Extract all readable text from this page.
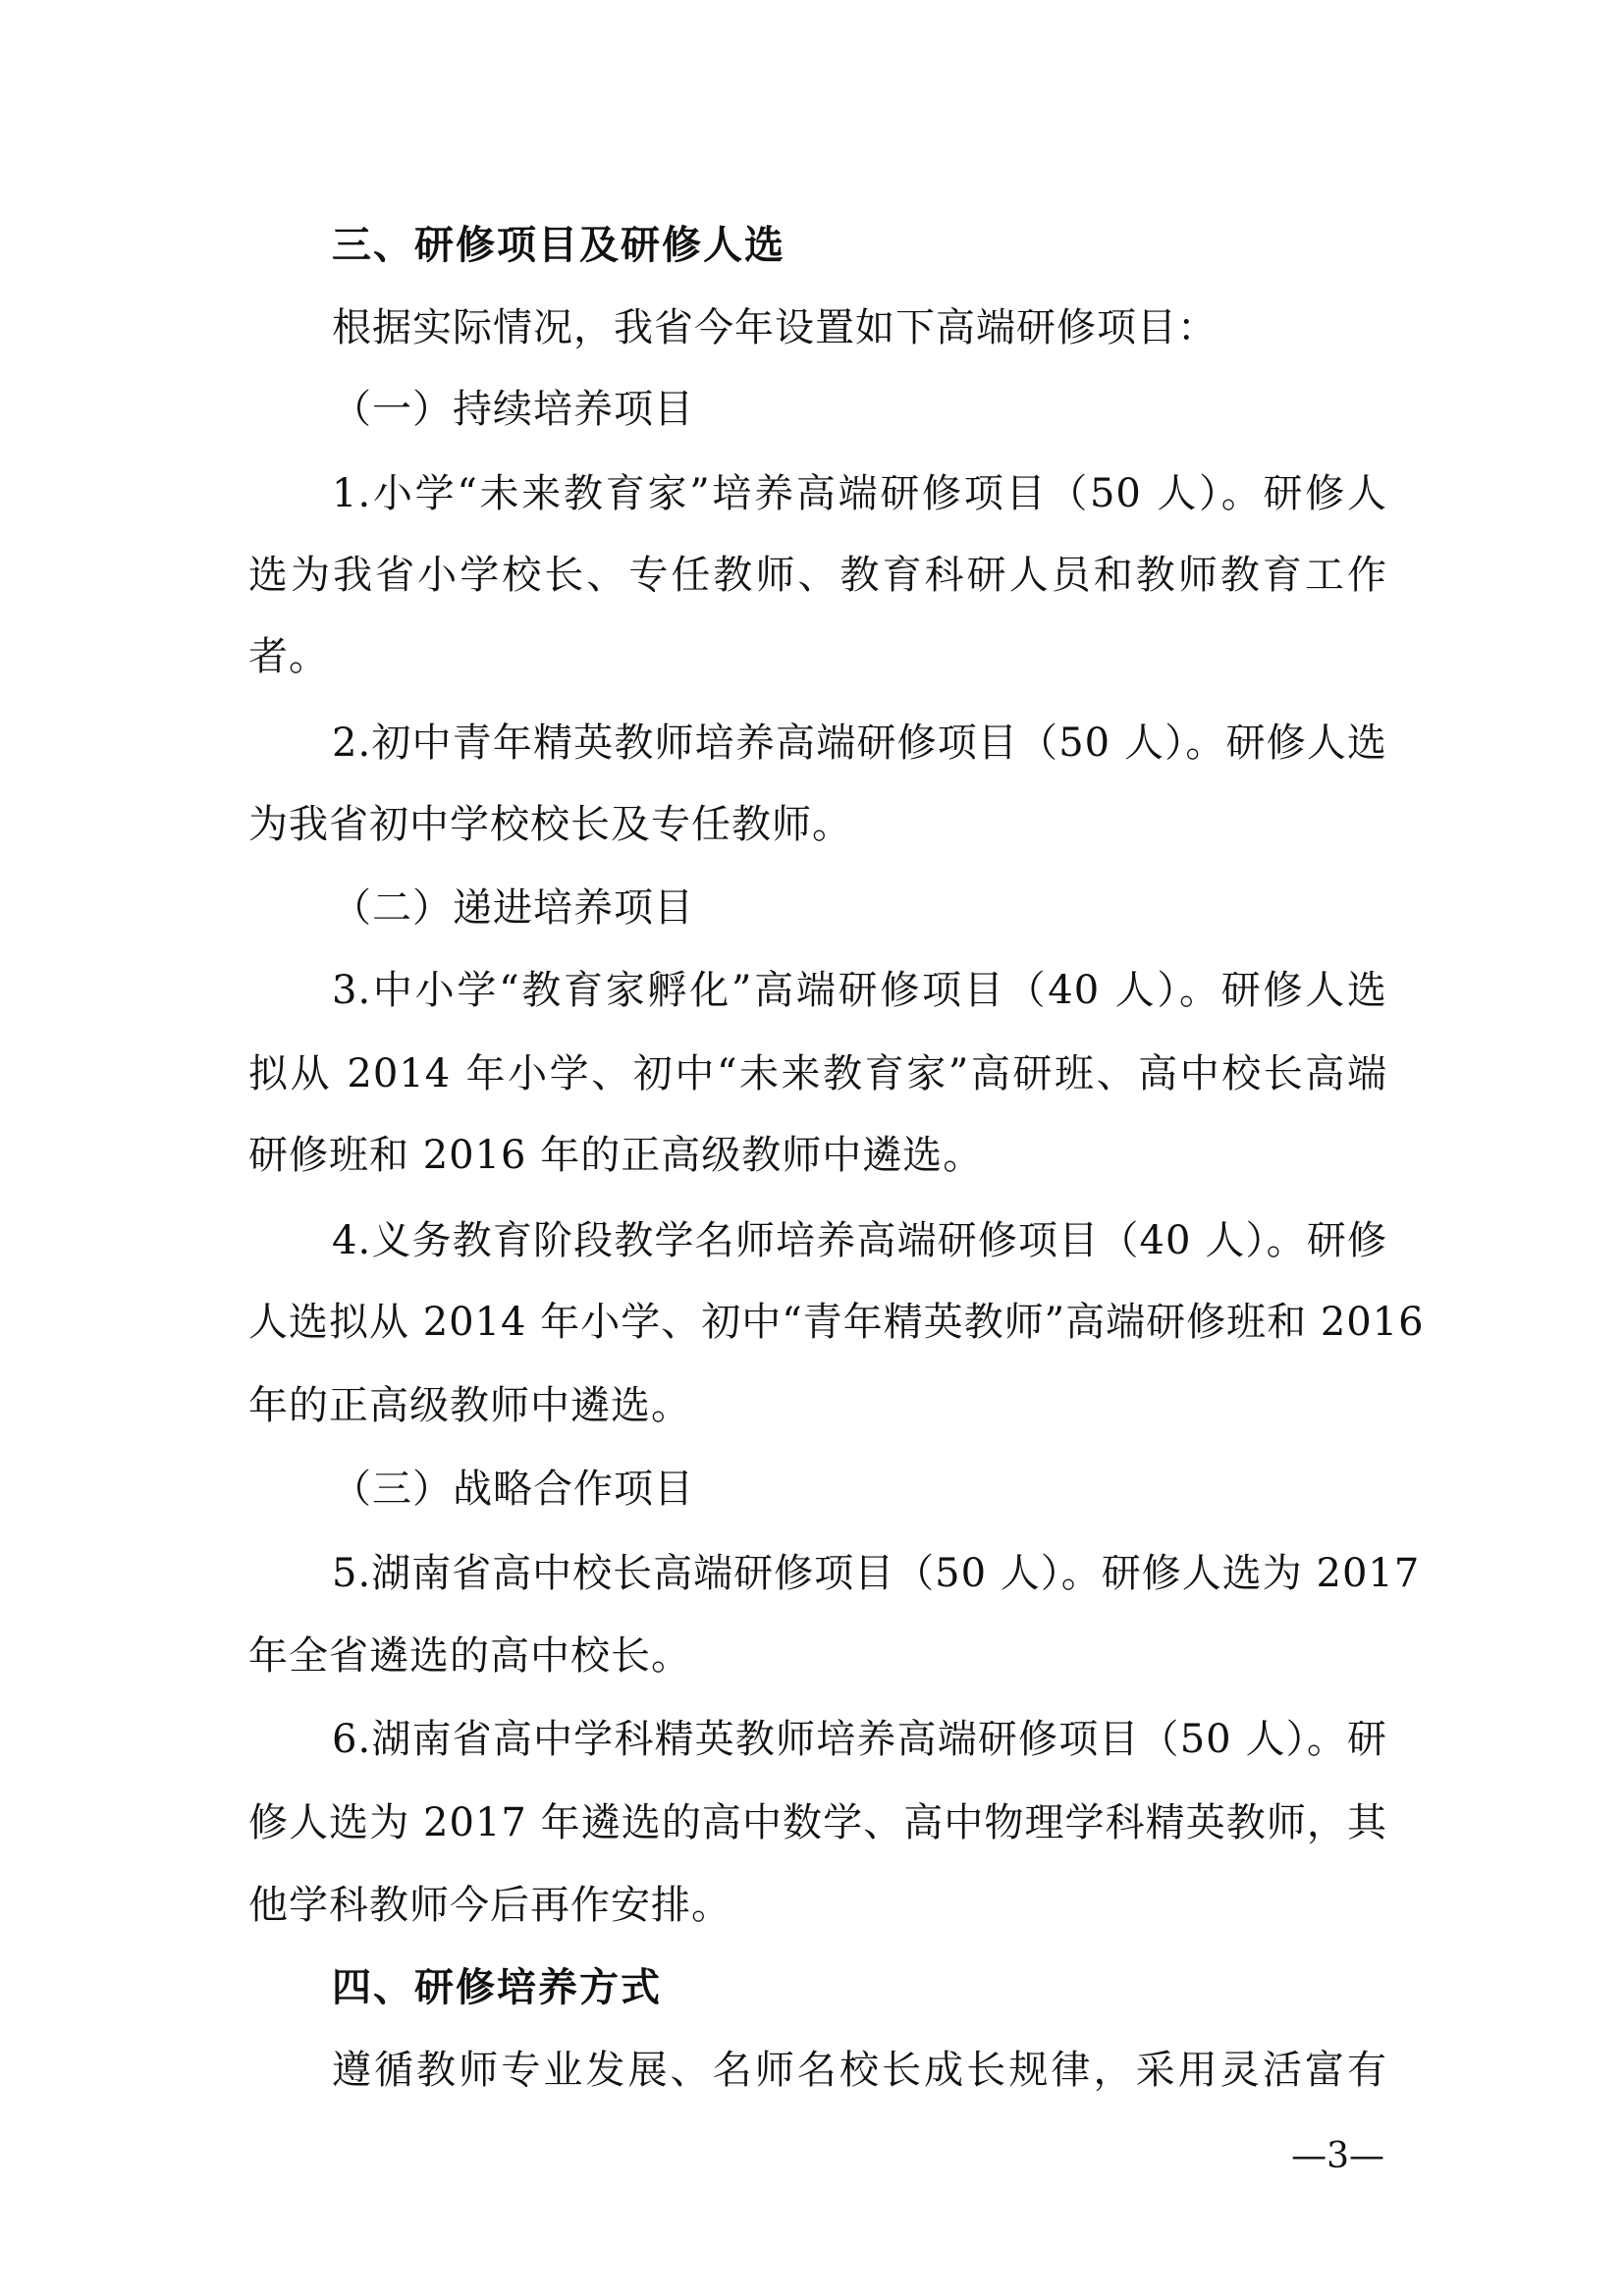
三、研修项目及研修人选
根据实际情况，我省今年设置如下高端研修项目：
（一）持续培养项目
1.小学“未来教育家”培养高端研修项目（50 人）。研修人
选为我省小学校长、专任教师、教育科研人员和教师教育工作
者。
2.初中青年精英教师培养高端研修项目（50 人）。研修人选
为我省初中学校校长及专任教师。
（二）递进培养项目
3.中小学“教育家孵化”高端研修项目（40 人）。研修人选
拟从 2014 年小学、初中“未来教育家”高研班、高中校长高端
研修班和 2016 年的正高级教师中遴选。
4.义务教育阶段教学名师培养高端研修项目（40 人）。研修
人选拟从 2014 年小学、初中“青年精英教师”高端研修班和 2016
年的正高级教师中遴选。
（三）战略合作项目
5.湖南省高中校长高端研修项目（50 人）。研修人选为 2017
年全省遴选的高中校长。
6.湖南省高中学科精英教师培养高端研修项目（50 人）。研
修人选为 2017 年遴选的高中数学、高中物理学科精英教师，其
他学科教师今后再作安排。
四、研修培养方式
遵循教师专业发展、名师名校长成长规律，采用灵活富有
—3—
